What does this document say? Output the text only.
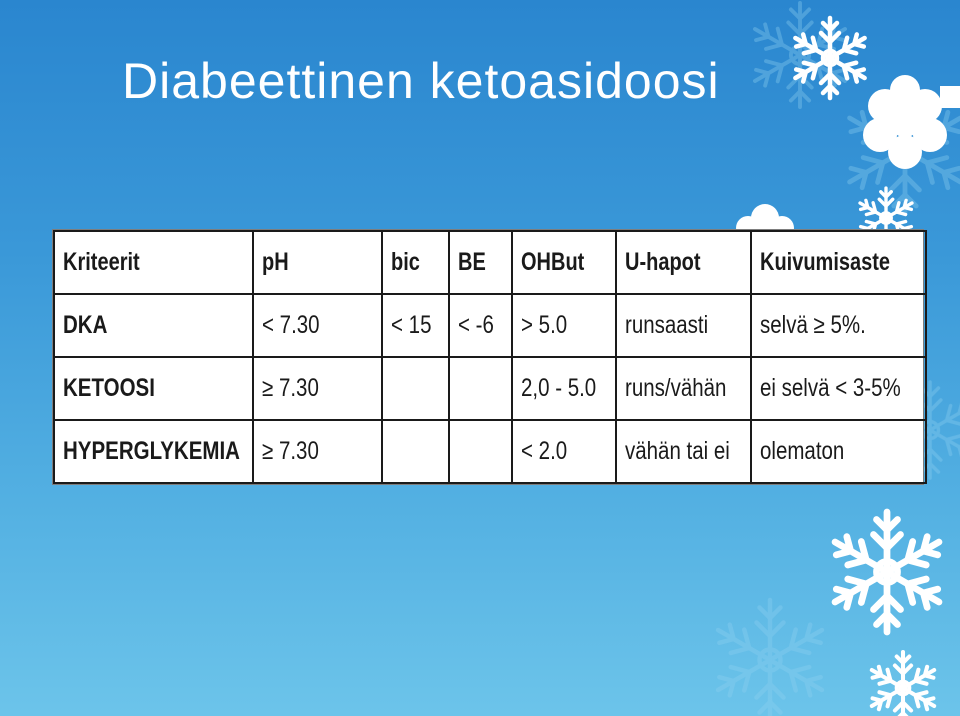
Diabeettinen ketoasidoosi
Kriteerit	pH	bic	BE	OHBut	U-hapot	Kuivumisaste
DKA	< 7.30	< 15	< -6	> 5.0	runsaasti	selvä ≥ 5%.
KETOOSI	≥ 7.30			2,0 - 5.0	runs/vähän	ei selvä < 3-5%
HYPERGLYKEMIA	≥ 7.30			< 2.0	vähän tai ei	olematon
